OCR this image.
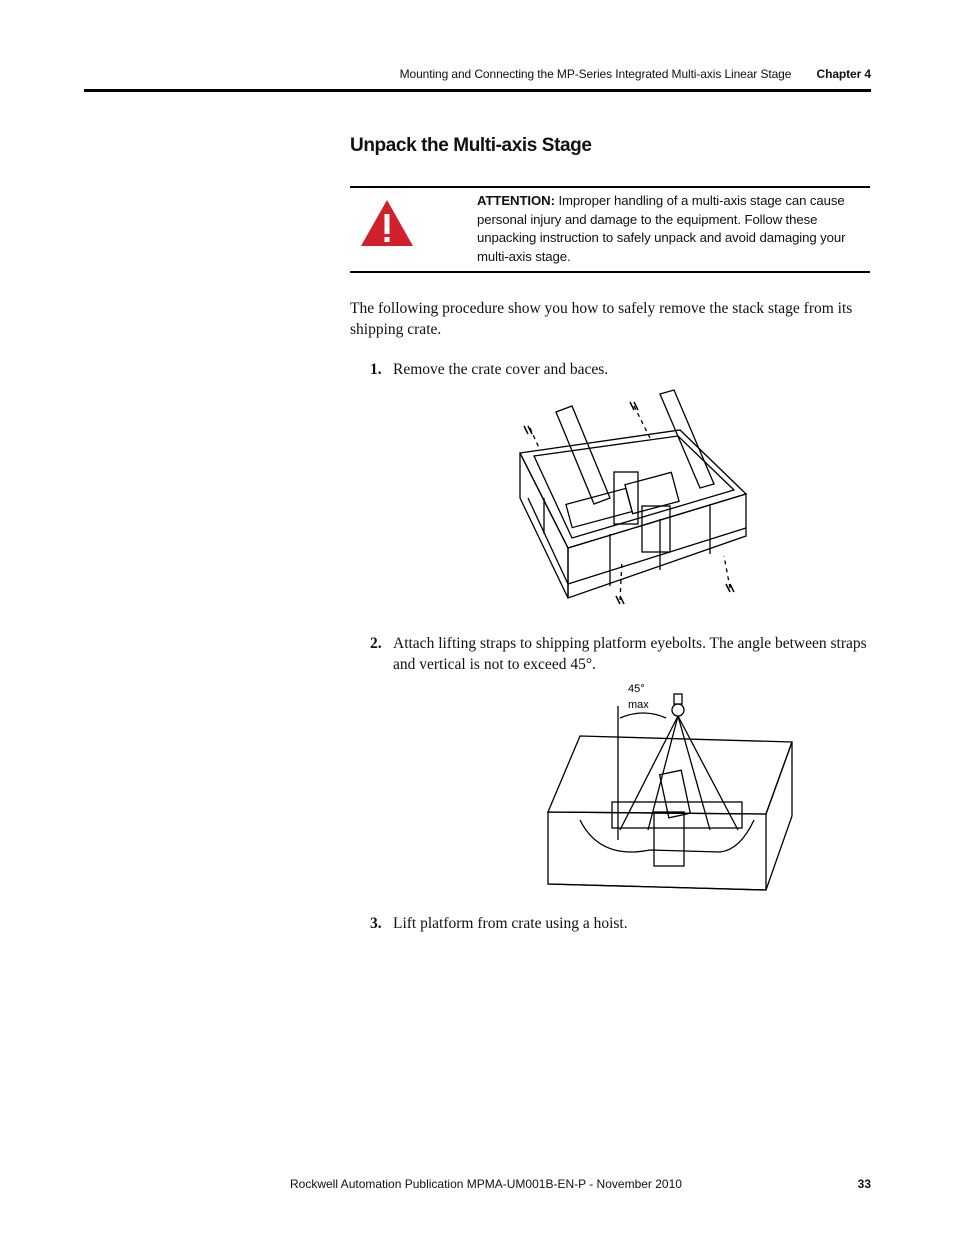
Mounting and Connecting the MP-Series Integrated Multi-axis Linear Stage Chapter 4
Unpack the Multi-axis Stage
ATTENTION: Improper handling of a multi-axis stage can cause personal injury and damage to the equipment. Follow these unpacking instruction to safely unpack and avoid damaging your multi-axis stage.
The following procedure show you how to safely remove the stack stage from its shipping crate.
1. Remove the crate cover and baces.
2. Attach lifting straps to shipping platform eyebolts. The angle between straps and vertical is not to exceed 45°.
45°
max
3. Lift platform from crate using a hoist.
Rockwell Automation Publication MPMA-UM001B-EN-P - November 2010	33
